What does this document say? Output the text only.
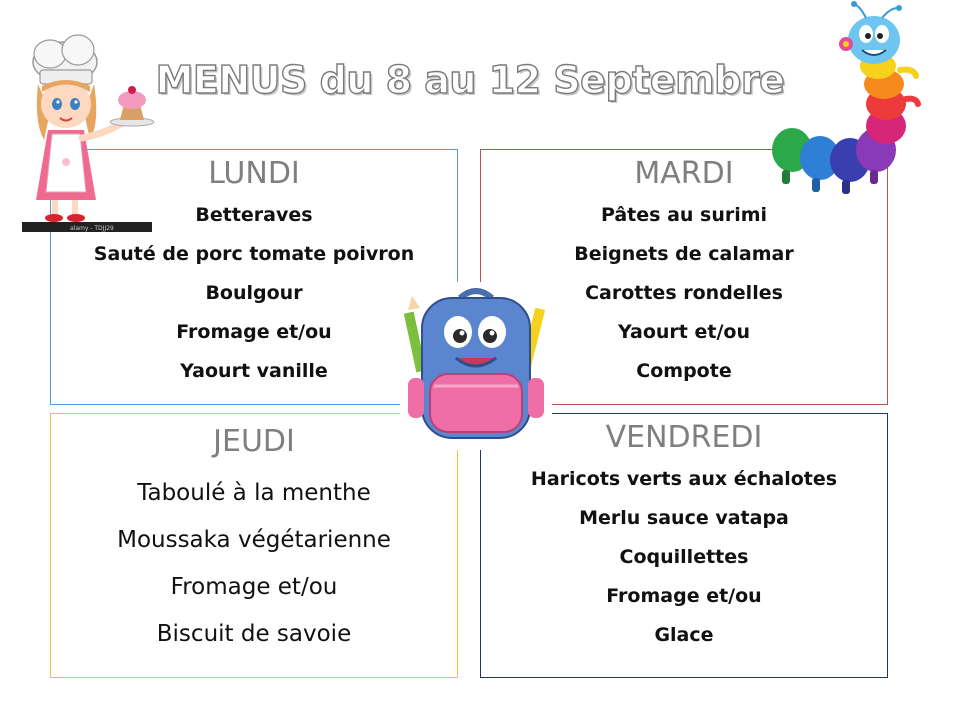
MENUS du 8 au 12 Septembre
LUNDI
Betteraves
Sauté de porc tomate poivron
Boulgour
Fromage et/ou
Yaourt vanille
MARDI
Pâtes au surimi
Beignets de calamar
Carottes rondelles
Yaourt et/ou
Compote
JEUDI
Taboulé à la menthe
Moussaka végétarienne
Fromage et/ou
Biscuit de savoie
VENDREDI
Haricots verts aux échalotes
Merlu sauce vatapa
Coquillettes
Fromage et/ou
Glace
alamy - TDJJ29
